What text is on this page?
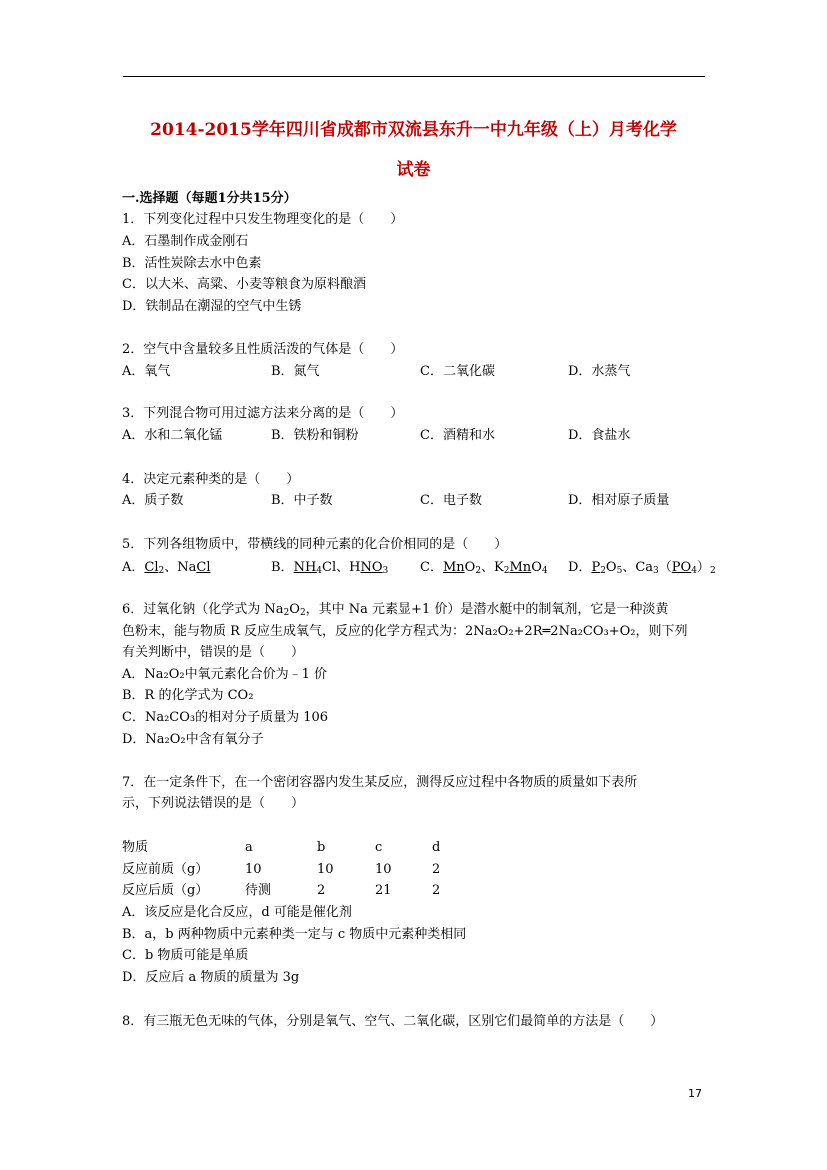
2014-2015学年四川省成都市双流县东升一中九年级（上）月考化学
试卷
一.选择题（每题1分共15分）
1．下列变化过程中只发生物理变化的是（　　）
A．石墨制作成金刚石
B．活性炭除去水中色素
C．以大米、高粱、小麦等粮食为原料酿酒
D．铁制品在潮湿的空气中生锈
2．空气中含量较多且性质活泼的气体是（　　）
A．氧气	B．氮气	C．二氧化碳	D．水蒸气
3．下列混合物可用过滤方法来分离的是（　　）
A．水和二氧化锰	B．铁粉和铜粉	C．酒精和水	D．食盐水
4．决定元素种类的是（　　）
A．质子数	B．中子数	C．电子数	D．相对原子质量
5．下列各组物质中，带横线的同种元素的化合价相同的是（　　）
A．$Cl_2$、NaCl	B．$NH_4Cl$、$HNO_3$ C．MnO$_2$、$K_2MnO_4$ D．$P_2O_5$、$Ca_3(PO_4)_2$
6．过氧化钠（化学式为 $Na_2O_2$，其中 Na 元素显+1 价）是潜水艇中的制氧剂，它是一种淡黄
色粉末，能与物质 R 反应生成氧气，反应的化学方程式为：2Na₂O₂+2R═2Na₂CO₃+O₂，则下列
有关判断中，错误的是（　　）
A．Na₂O₂中氧元素化合价为﹣1 价
B．R 的化学式为 CO₂
C．Na₂CO₃的相对分子质量为 106
D．Na₂O₂中含有氧分子
7．在一定条件下，在一个密闭容器内发生某反应，测得反应过程中各物质的质量如下表所
示，下列说法错误的是（　　）
物质	a	b	c	d
反应前质（g）	10	10	10	2
反应后质（g）	待测	2	21	2
A．该反应是化合反应，d 可能是催化剂
B．a，b 两种物质中元素种类一定与 c 物质中元素种类相同
C．b 物质可能是单质
D．反应后 a 物质的质量为 3g
8．有三瓶无色无味的气体，分别是氧气、空气、二氧化碳，区别它们最简单的方法是（　　）
17
